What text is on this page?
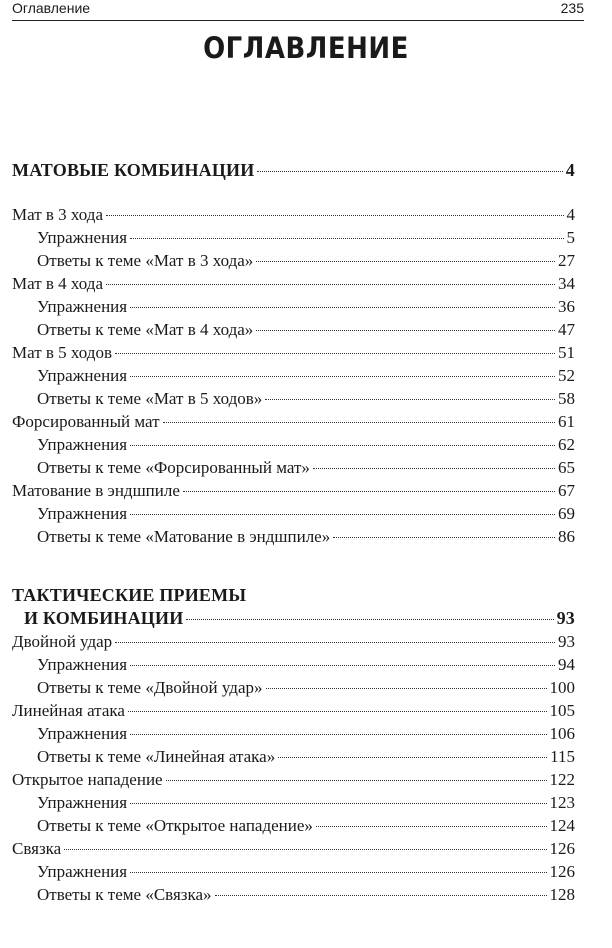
Оглавление	235
ОГЛАВЛЕНИЕ
МАТОВЫЕ КОМБИНАЦИИ	4
Мат в 3 хода	4
Упражнения	5
Ответы к теме «Мат в 3 хода»	27
Мат в 4 хода	34
Упражнения	36
Ответы к теме «Мат в 4 хода»	47
Мат в 5 ходов	51
Упражнения	52
Ответы к теме «Мат в 5 ходов»	58
Форсированный мат	61
Упражнения	62
Ответы к теме «Форсированный мат»	65
Матование в эндшпиле	67
Упражнения	69
Ответы к теме «Матование в эндшпиле»	86
ТАКТИЧЕСКИЕ ПРИЕМЫ
И КОМБИНАЦИИ	93
Двойной удар	93
Упражнения	94
Ответы к теме «Двойной удар»	100
Линейная атака	105
Упражнения	106
Ответы к теме «Линейная атака»	115
Открытое нападение	122
Упражнения	123
Ответы к теме «Открытое нападение»	124
Связка	126
Упражнения	126
Ответы к теме «Связка»	128
